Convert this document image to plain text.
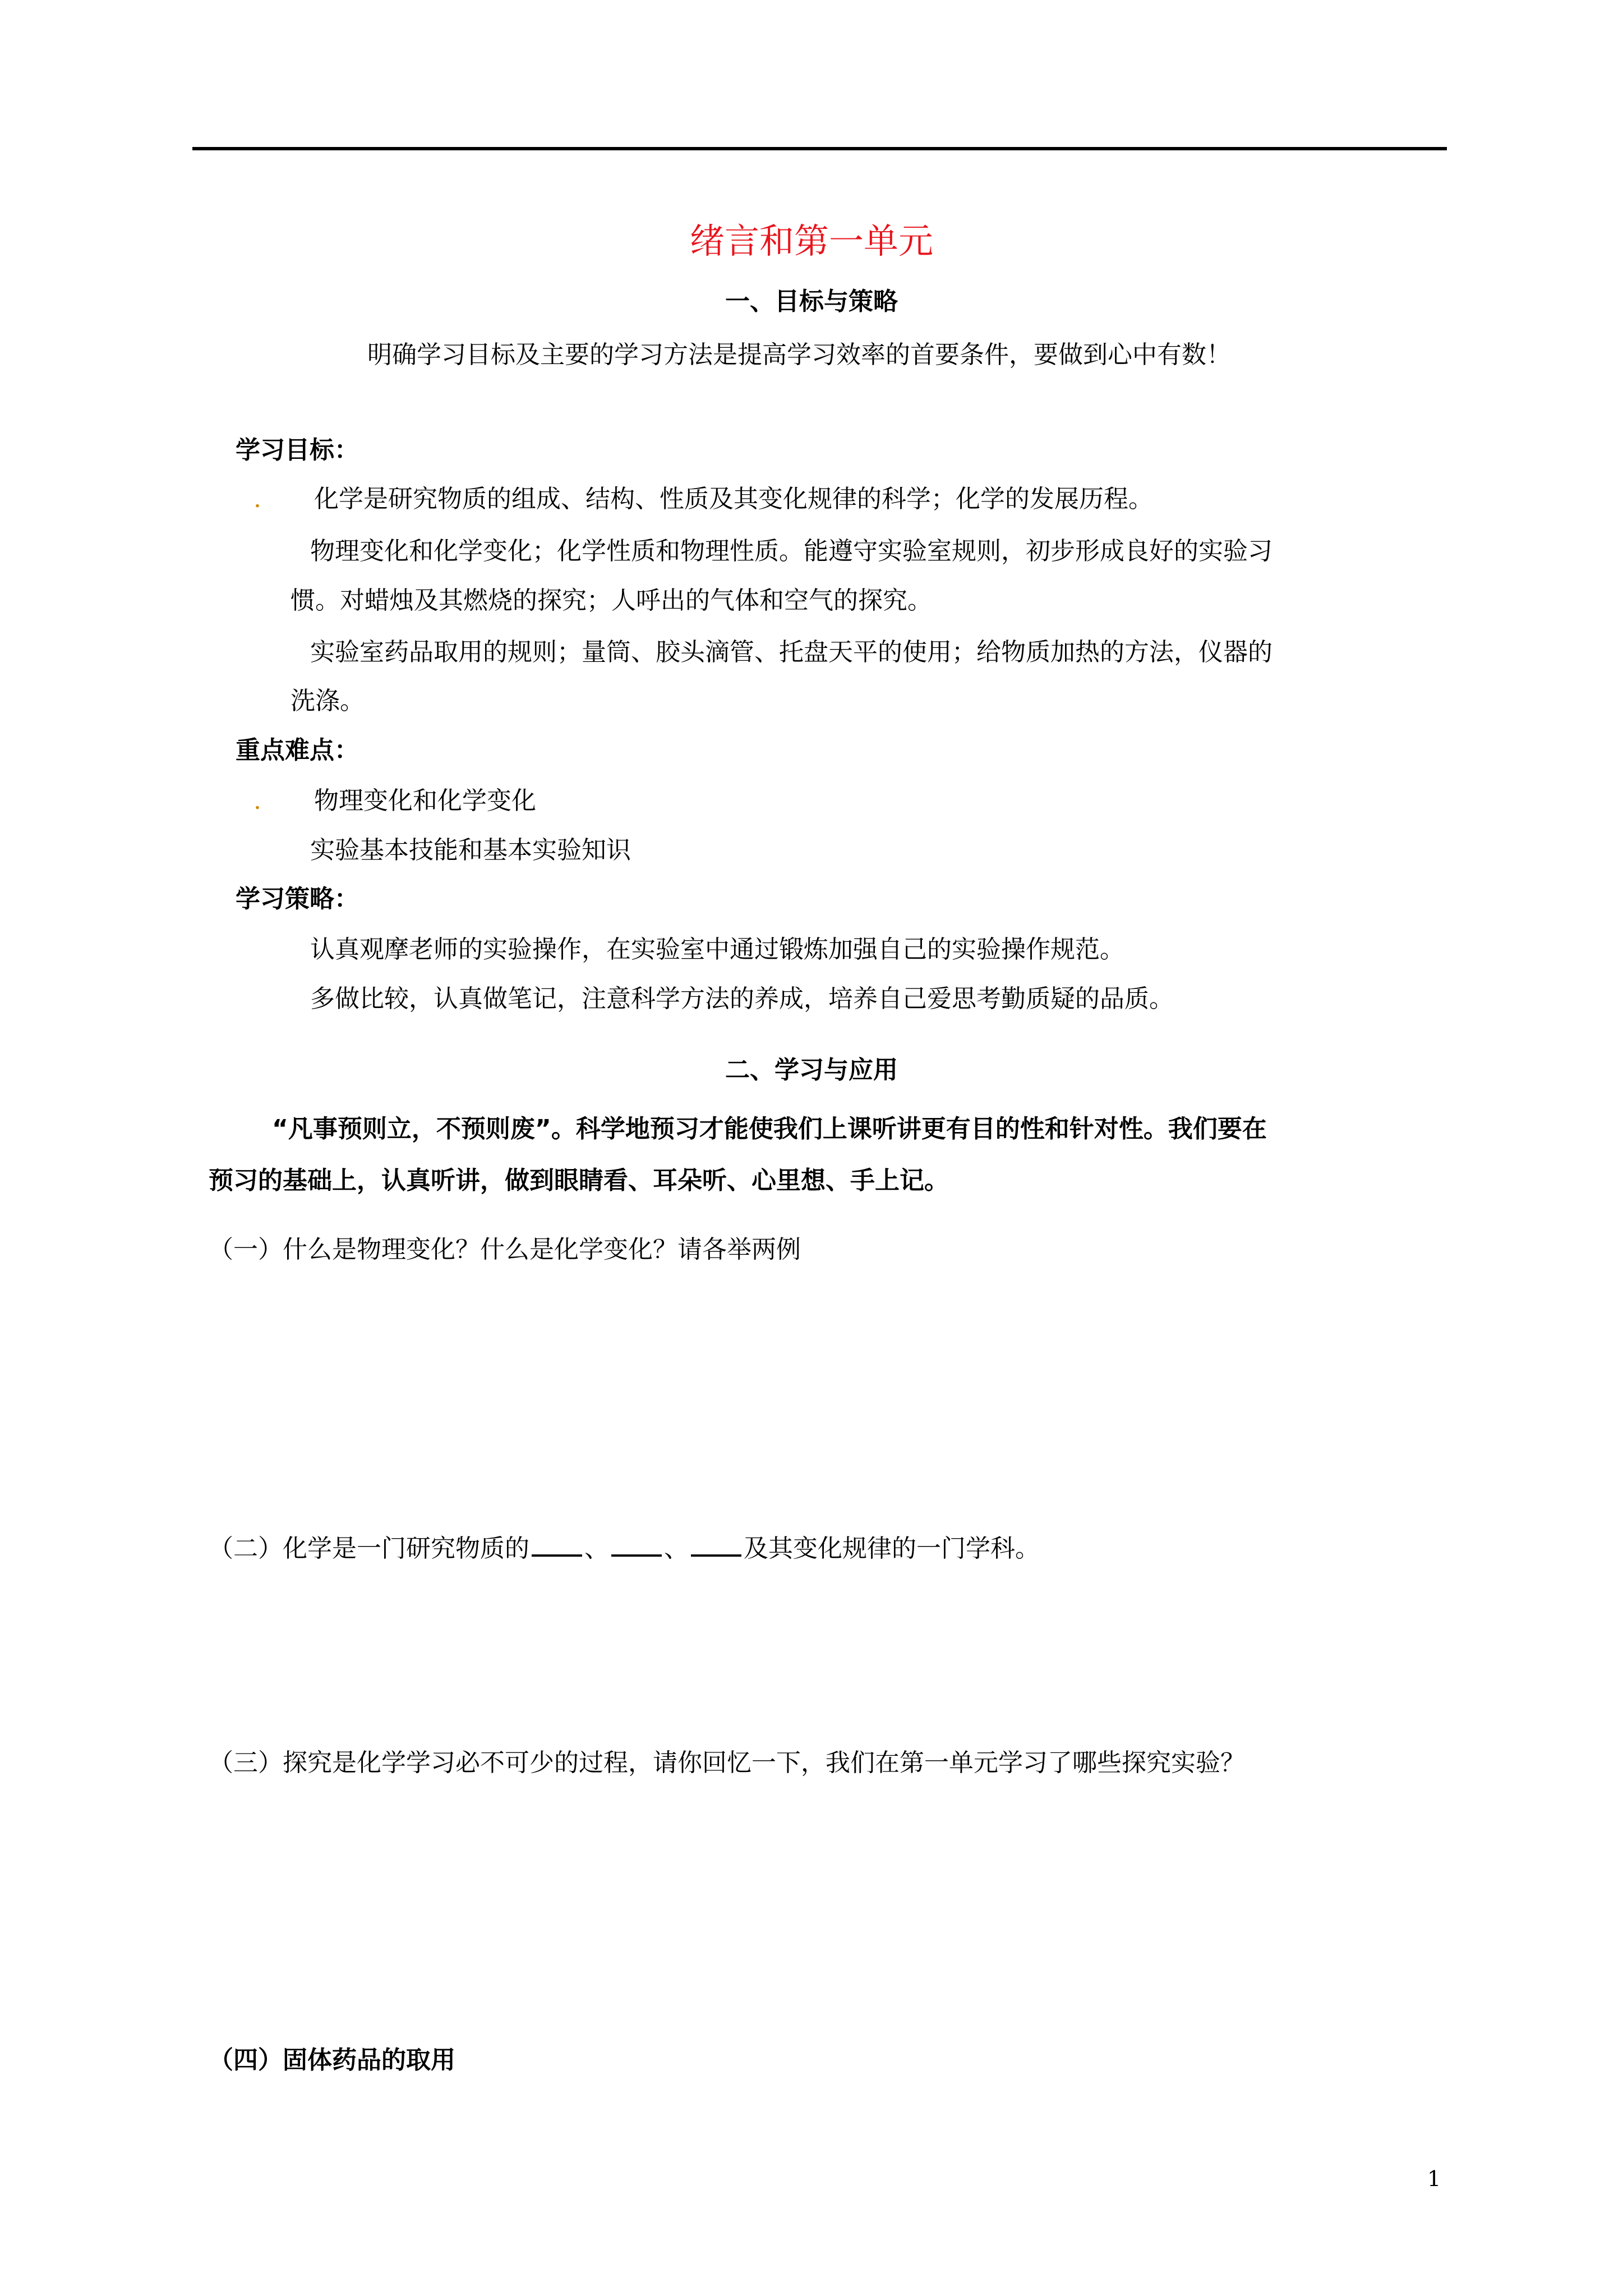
绪言和第一单元
一、目标与策略
明确学习目标及主要的学习方法是提高学习效率的首要条件，要做到心中有数！
学习目标：
. 化学是研究物质的组成、结构、性质及其变化规律的科学；化学的发展历程。
物理变化和化学变化；化学性质和物理性质。能遵守实验室规则，初步形成良好的实验习
惯。对蜡烛及其燃烧的探究；人呼出的气体和空气的探究。
实验室药品取用的规则；量筒、胶头滴管、托盘天平的使用；给物质加热的方法，仪器的
洗涤。
重点难点：
. 物理变化和化学变化
实验基本技能和基本实验知识
学习策略：
认真观摩老师的实验操作，在实验室中通过锻炼加强自己的实验操作规范。
多做比较，认真做笔记，注意科学方法的养成，培养自己爱思考勤质疑的品质。
二、学习与应用
“凡事预则立，不预则废”。科学地预习才能使我们上课听讲更有目的性和针对性。我们要在
预习的基础上，认真听讲，做到眼睛看、耳朵听、心里想、手上记。
（一）什么是物理变化？什么是化学变化？请各举两例
（二）化学是一门研究物质的 、 、 及其变化规律的一门学科。
（三）探究是化学学习必不可少的过程，请你回忆一下，我们在第一单元学习了哪些探究实验？
（四）固体药品的取用
1
